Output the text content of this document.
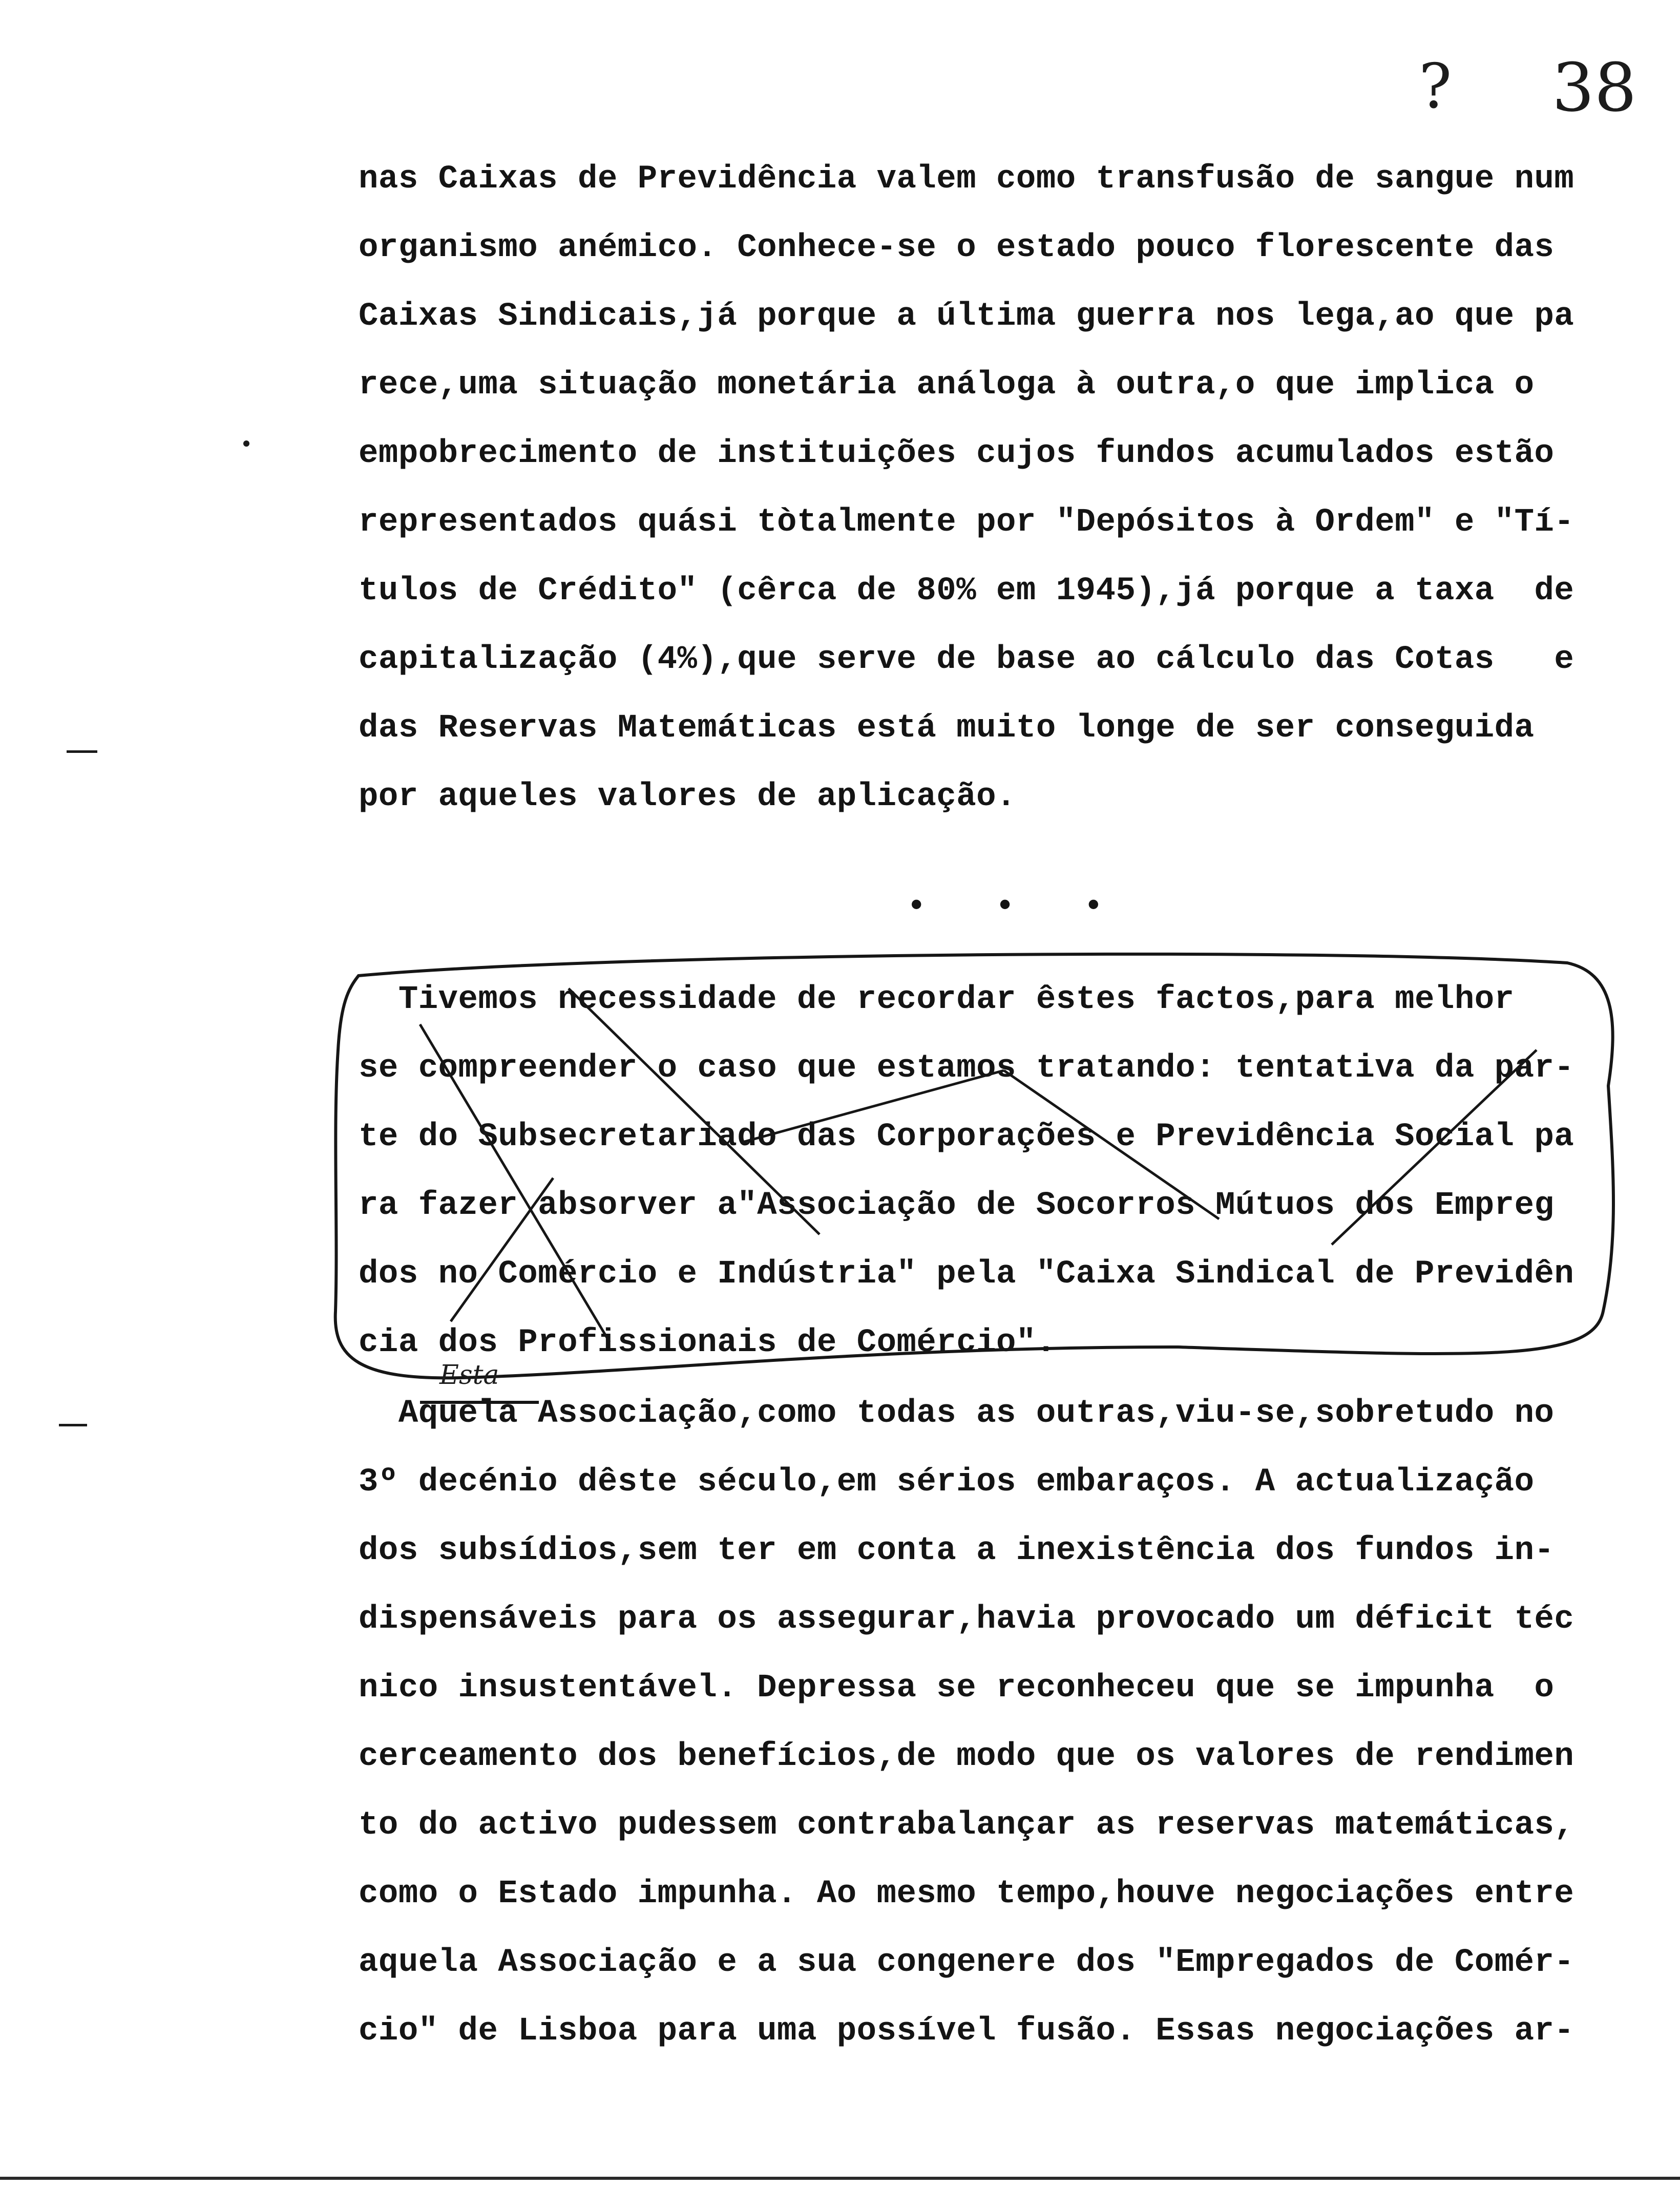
? 38
nas Caixas de Previdência valem como transfusão de sangue num
organismo anémico. Conhece-se o estado pouco florescente das
Caixas Sindicais,já porque a última guerra nos lega,ao que pa
rece,uma situação monetária análoga à outra,o que implica o
empobrecimento de instituições cujos fundos acumulados estão
representados quási tòtalmente por "Depósitos à Ordem" e "Tí-
tulos de Crédito" (cêrca de 80% em 1945),já porque a taxa  de
capitalização (4%),que serve de base ao cálculo das Cotas   e
das Reservas Matemáticas está muito longe de ser conseguida
por aqueles valores de aplicação.
• • •
Tivemos necessidade de recordar êstes factos,para melhor
se compreender o caso que estamos tratando: tentativa da par-
te do Subsecretariado das Corporações e Previdência Social pa
ra fazer absorver a"Associação de Socorros Mútuos dos Empreg
dos no Comércio e Indústria" pela "Caixa Sindical de Previdên
cia dos Profissionais de Comércio".
Esta
Aquela Associação,como todas as outras,viu-se,sobretudo no
3º decénio dêste século,em sérios embaraços. A actualização
dos subsídios,sem ter em conta a inexistência dos fundos in-
dispensáveis para os assegurar,havia provocado um déficit téc
nico insustentável. Depressa se reconheceu que se impunha  o
cerceamento dos benefícios,de modo que os valores de rendimen
to do activo pudessem contrabalançar as reservas matemáticas,
como o Estado impunha. Ao mesmo tempo,houve negociações entre
aquela Associação e a sua congenere dos "Empregados de Comér-
cio" de Lisboa para uma possível fusão. Essas negociações ar-
